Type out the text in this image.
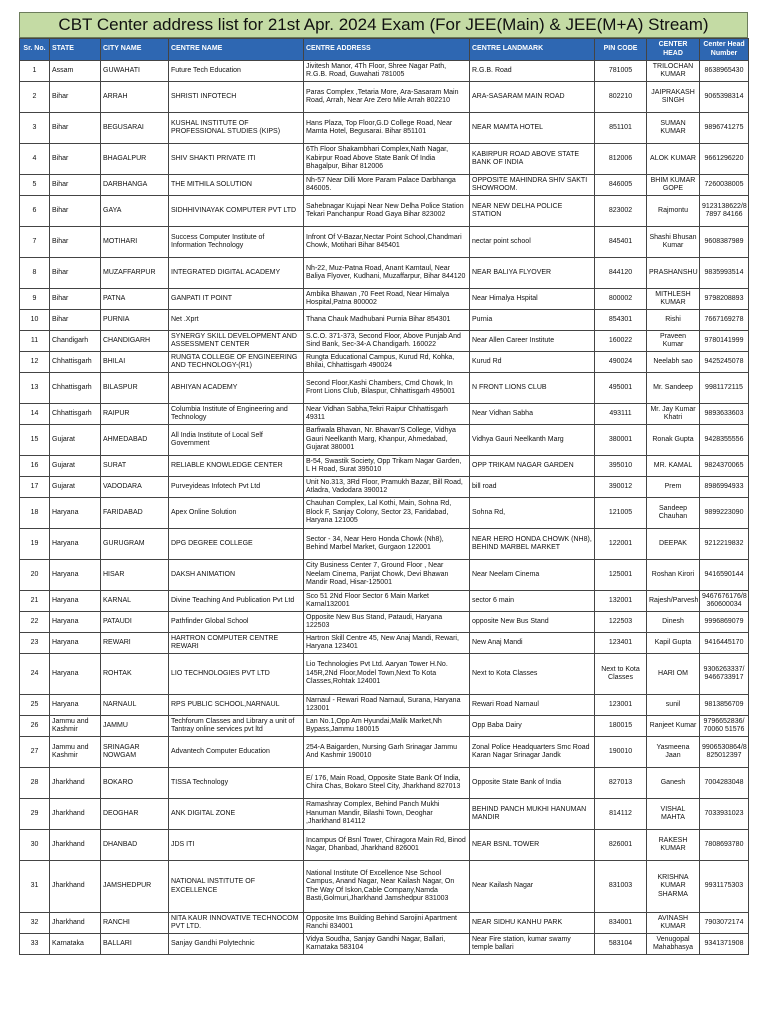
CBT Center address list for 21st Apr. 2024 Exam (For JEE(Main) & JEE(M+A) Stream)
Sr. No.	STATE	CITY NAME	CENTRE NAME	CENTRE ADDRESS	CENTRE LANDMARK	PIN CODE	CENTER HEAD	Center Head Number
1	Assam	GUWAHATI	Future Tech Education	Jivitesh Manor, 4Th Floor, Shree Nagar Path, R.G.B. Road, Guwahati 781005	R.G.B. Road	781005	TRILOCHAN KUMAR	8638965430
2	Bihar	ARRAH	SHRISTI INFOTECH	Paras Complex ,Tetaria More, Ara-Sasaram Main Road, Arrah, Near Are Zero Mile Arrah 802210	ARA-SASARAM MAIN ROAD	802210	JAIPRAKASH SINGH	9065398314
3	Bihar	BEGUSARAI	KUSHAL INSTITUTE OF PROFESSIONAL STUDIES (KIPS)	Hans Plaza, Top Floor,G.D College Road, Near Mamta Hotel, Begusarai. Bihar 851101	NEAR MAMTA HOTEL	851101	SUMAN KUMAR	9896741275
4	Bihar	BHAGALPUR	SHIV SHAKTI PRIVATE ITI	6Th Floor Shakambhari Complex,Nath Nagar, Kabirpur Road Above State Bank Of India Bhagalpur, Bihar 812006	KABIRPUR ROAD ABOVE STATE BANK OF INDIA	812006	ALOK KUMAR	9661296220
5	Bihar	DARBHANGA	THE MITHILA SOLUTION	Nh-57 Near Dilli More Param Palace Darbhanga 846005.	OPPOSITE MAHINDRA SHIV SAKTI SHOWROOM.	846005	BHIM KUMAR GOPE	7260038005
6	Bihar	GAYA	SIDHHIVINAYAK COMPUTER PVT LTD	Sahebnagar Kujapi Near New Delha Police Station Tekari Panchanpur Road Gaya Bihar 823002	NEAR NEW DELHA POLICE STATION	823002	Rajmontu	9123138622/8 7897 84166
7	Bihar	MOTIHARI	Success Computer Institute of Information Technology	Infront Of V-Bazar,Nectar Point School,Chandmari Chowk, Motihari Bihar 845401	nectar point school	845401	Shashi Bhusan Kumar	9608387989
8	Bihar	MUZAFFARPUR	INTEGRATED DIGITAL ACADEMY	Nh-22, Muz-Patna Road, Anant Kamtaul, Near Baliya Flyover, Kudhani, Muzaffarpur, Bihar 844120	NEAR BALIYA FLYOVER	844120	PRASHANSHU	9835993514
9	Bihar	PATNA	GANPATI IT POINT	Ambika Bhawan ,70 Feet Road, Near Himalya Hospital,Patna 800002	Near Himalya Hspital	800002	MITHLESH KUMAR	9798208893
10	Bihar	PURNIA	Net .Xprt	Thana Chauk Madhubani Purnia Bihar 854301	Purnia	854301	Rishi	7667169278
11	Chandigarh	CHANDIGARH	SYNERGY SKILL DEVELOPMENT AND ASSESSMENT CENTER	S.C.O. 371-373, Second Floor, Above Punjab And Sind Bank, Sec-34-A Chandigarh. 160022	Near Allen Career Institute	160022	Praveen Kumar	9780141999
12	Chhattisgarh	BHILAI	RUNGTA COLLEGE OF ENGINEERING AND TECHNOLOGY-(R1)	Rungta Educational Campus, Kurud Rd, Kohka, Bhilai, Chhattisgarh 490024	Kurud Rd	490024	Neelabh sao	9425245078
13	Chhattisgarh	BILASPUR	ABHIYAN ACADEMY	Second Floor,Kashi Chambers, Cmd Chowk, In Front Lions Club, Bilaspur, Chhattisgarh 495001	N FRONT LIONS CLUB	495001	Mr. Sandeep	9981172115
14	Chhattisgarh	RAIPUR	Columbia Institute of Engineering and Technology	Near Vidhan Sabha,Tekri Raipur Chhattisgarh 49311	Near Vidhan Sabha	493111	Mr. Jay Kumar Khatri	9893633603
15	Gujarat	AHMEDABAD	All India Institute of Local Self Government	Barfiwala Bhavan, Nr. Bhavan'S College, Vidhya Gauri Neelkanth Marg, Khanpur, Ahmedabad, Gujarat 380001	Vidhya Gauri Neelkanth Marg	380001	Ronak Gupta	9428355556
16	Gujarat	SURAT	RELIABLE KNOWLEDGE CENTER	B-54, Swastik Society, Opp Trikam Nagar Garden, L H Road, Surat 395010	OPP TRIKAM NAGAR GARDEN	395010	MR. KAMAL	9824370065
17	Gujarat	VADODARA	Purveyideas Infotech Pvt Ltd	Unit No.313, 3Rd Floor, Pramukh Bazar, Bill Road, Atladra, Vadodara 390012	bill road	390012	Prem	8986994933
18	Haryana	FARIDABAD	Apex Online Solution	Chauhan Complex, Lal Kothi, Main, Sohna Rd, Block F, Sanjay Colony, Sector 23, Faridabad, Haryana 121005	Sohna Rd,	121005	Sandeep Chauhan	9899223090
19	Haryana	GURUGRAM	DPG DEGREE COLLEGE	Sector - 34, Near Hero Honda Chowk (Nh8), Behind Marbel Market, Gurgaon 122001	NEAR HERO HONDA CHOWK (NH8), BEHIND MARBEL MARKET	122001	DEEPAK	9212219832
20	Haryana	HISAR	DAKSH ANIMATION	City Business Center 7, Ground Floor , Near Neelam Cinema, Parijat Chowk, Devi Bhawan Mandir Road, Hisar-125001	Near Neelam Cinema	125001	Roshan Kirori	9416590144
21	Haryana	KARNAL	Divine Teaching And Publication Pvt Ltd	Sco 51 2Nd Floor Sector 6 Main Market Karnal132001	sector 6 main	132001	Rajesh/Parvesh	9467676176/8 360600034
22	Haryana	PATAUDI	Pathfinder Global School	Opposite New Bus Stand, Pataudi, Haryana 122503	opposite New Bus Stand	122503	Dinesh	9996869079
23	Haryana	REWARI	HARTRON COMPUTER CENTRE REWARI	Hartron Skill Centre 45, New Anaj Mandi, Rewari, Haryana 123401	New Anaj Mandi	123401	Kapil Gupta	9416445170
24	Haryana	ROHTAK	LIO TECHNOLOGIES PVT LTD	Lio Technologies Pvt Ltd. Aaryan Tower H.No. 145R,2Nd Floor,Model Town,Next To Kota Classes,Rohtak 124001	Next to Kota Classes	Next to Kota Classes	HARI OM	9306263337/ 9466733917
25	Haryana	NARNAUL	RPS PUBLIC SCHOOL,NARNAUL	Narnaul - Rewari Road Narnaul, Surana, Haryana 123001	Rewari Road Narnaul	123001	sunil	9813856709
26	Jammu and Kashmir	JAMMU	Techforum Classes and Library a unit of Tantray online services pvt ltd	Lan No.1,Opp Am Hyundai,Malik Market,Nh Bypass,Jammu 180015	Opp Baba Dairy	180015	Ranjeet Kumar	9796652836/ 70060 51576
27	Jammu and Kashmir	SRINAGAR NOWGAM	Advantech Computer Education	254-A Baigarden, Nursing Garh Srinagar Jammu And Kashmir 190010	Zonal Police Headquarters Smc Road Karan Nagar Srinagar Jandk	190010	Yasmeena Jaan	9906530864/8 825012397
28	Jharkhand	BOKARO	TISSA Technology	E/ 176, Main Road, Opposite State Bank Of India, Chira Chas, Bokaro Steel City, Jharkhand 827013	Opposite State Bank of India	827013	Ganesh	7004283048
29	Jharkhand	DEOGHAR	ANK DIGITAL ZONE	Ramashray Complex, Behind Panch Mukhi Hanuman Mandir, Bilashi Town, Deoghar ,Jharkhand 814112	BEHIND PANCH MUKHI HANUMAN MANDIR	814112	VISHAL MAHTA	7033931023
30	Jharkhand	DHANBAD	JDS ITI	Incampus Of Bsnl Tower, Chiragora Main Rd, Binod Nagar, Dhanbad, Jharkhand 826001	NEAR BSNL TOWER	826001	RAKESH KUMAR	7808693780
31	Jharkhand	JAMSHEDPUR	NATIONAL INSTITUTE OF EXCELLENCE	National Institute Of Excellence Nse School Campus, Anand Nagar, Near Kailash Nagar, On The Way Of Iskon,Cable Company,Namda Basti,Golmuri,Jharkhand Jamshedpur 831003	Near Kailash Nagar	831003	KRISHNA KUMAR SHARMA	9931175303
32	Jharkhand	RANCHI	NITA KAUR INNOVATIVE TECHNOCOM PVT LTD.	Opposite Ims Building Behind Sarojini Apartment Ranchi 834001	NEAR SIDHU KANHU PARK	834001	AVINASH KUMAR	7903072174
33	Karnataka	BALLARI	Sanjay Gandhi Polytechnic	Vidya Soudha, Sanjay Gandhi Nagar, Ballari, Karnataka 583104	Near Fire station, kumar swamy temple ballari	583104	Venugopal Mahabhasya	9341371908
